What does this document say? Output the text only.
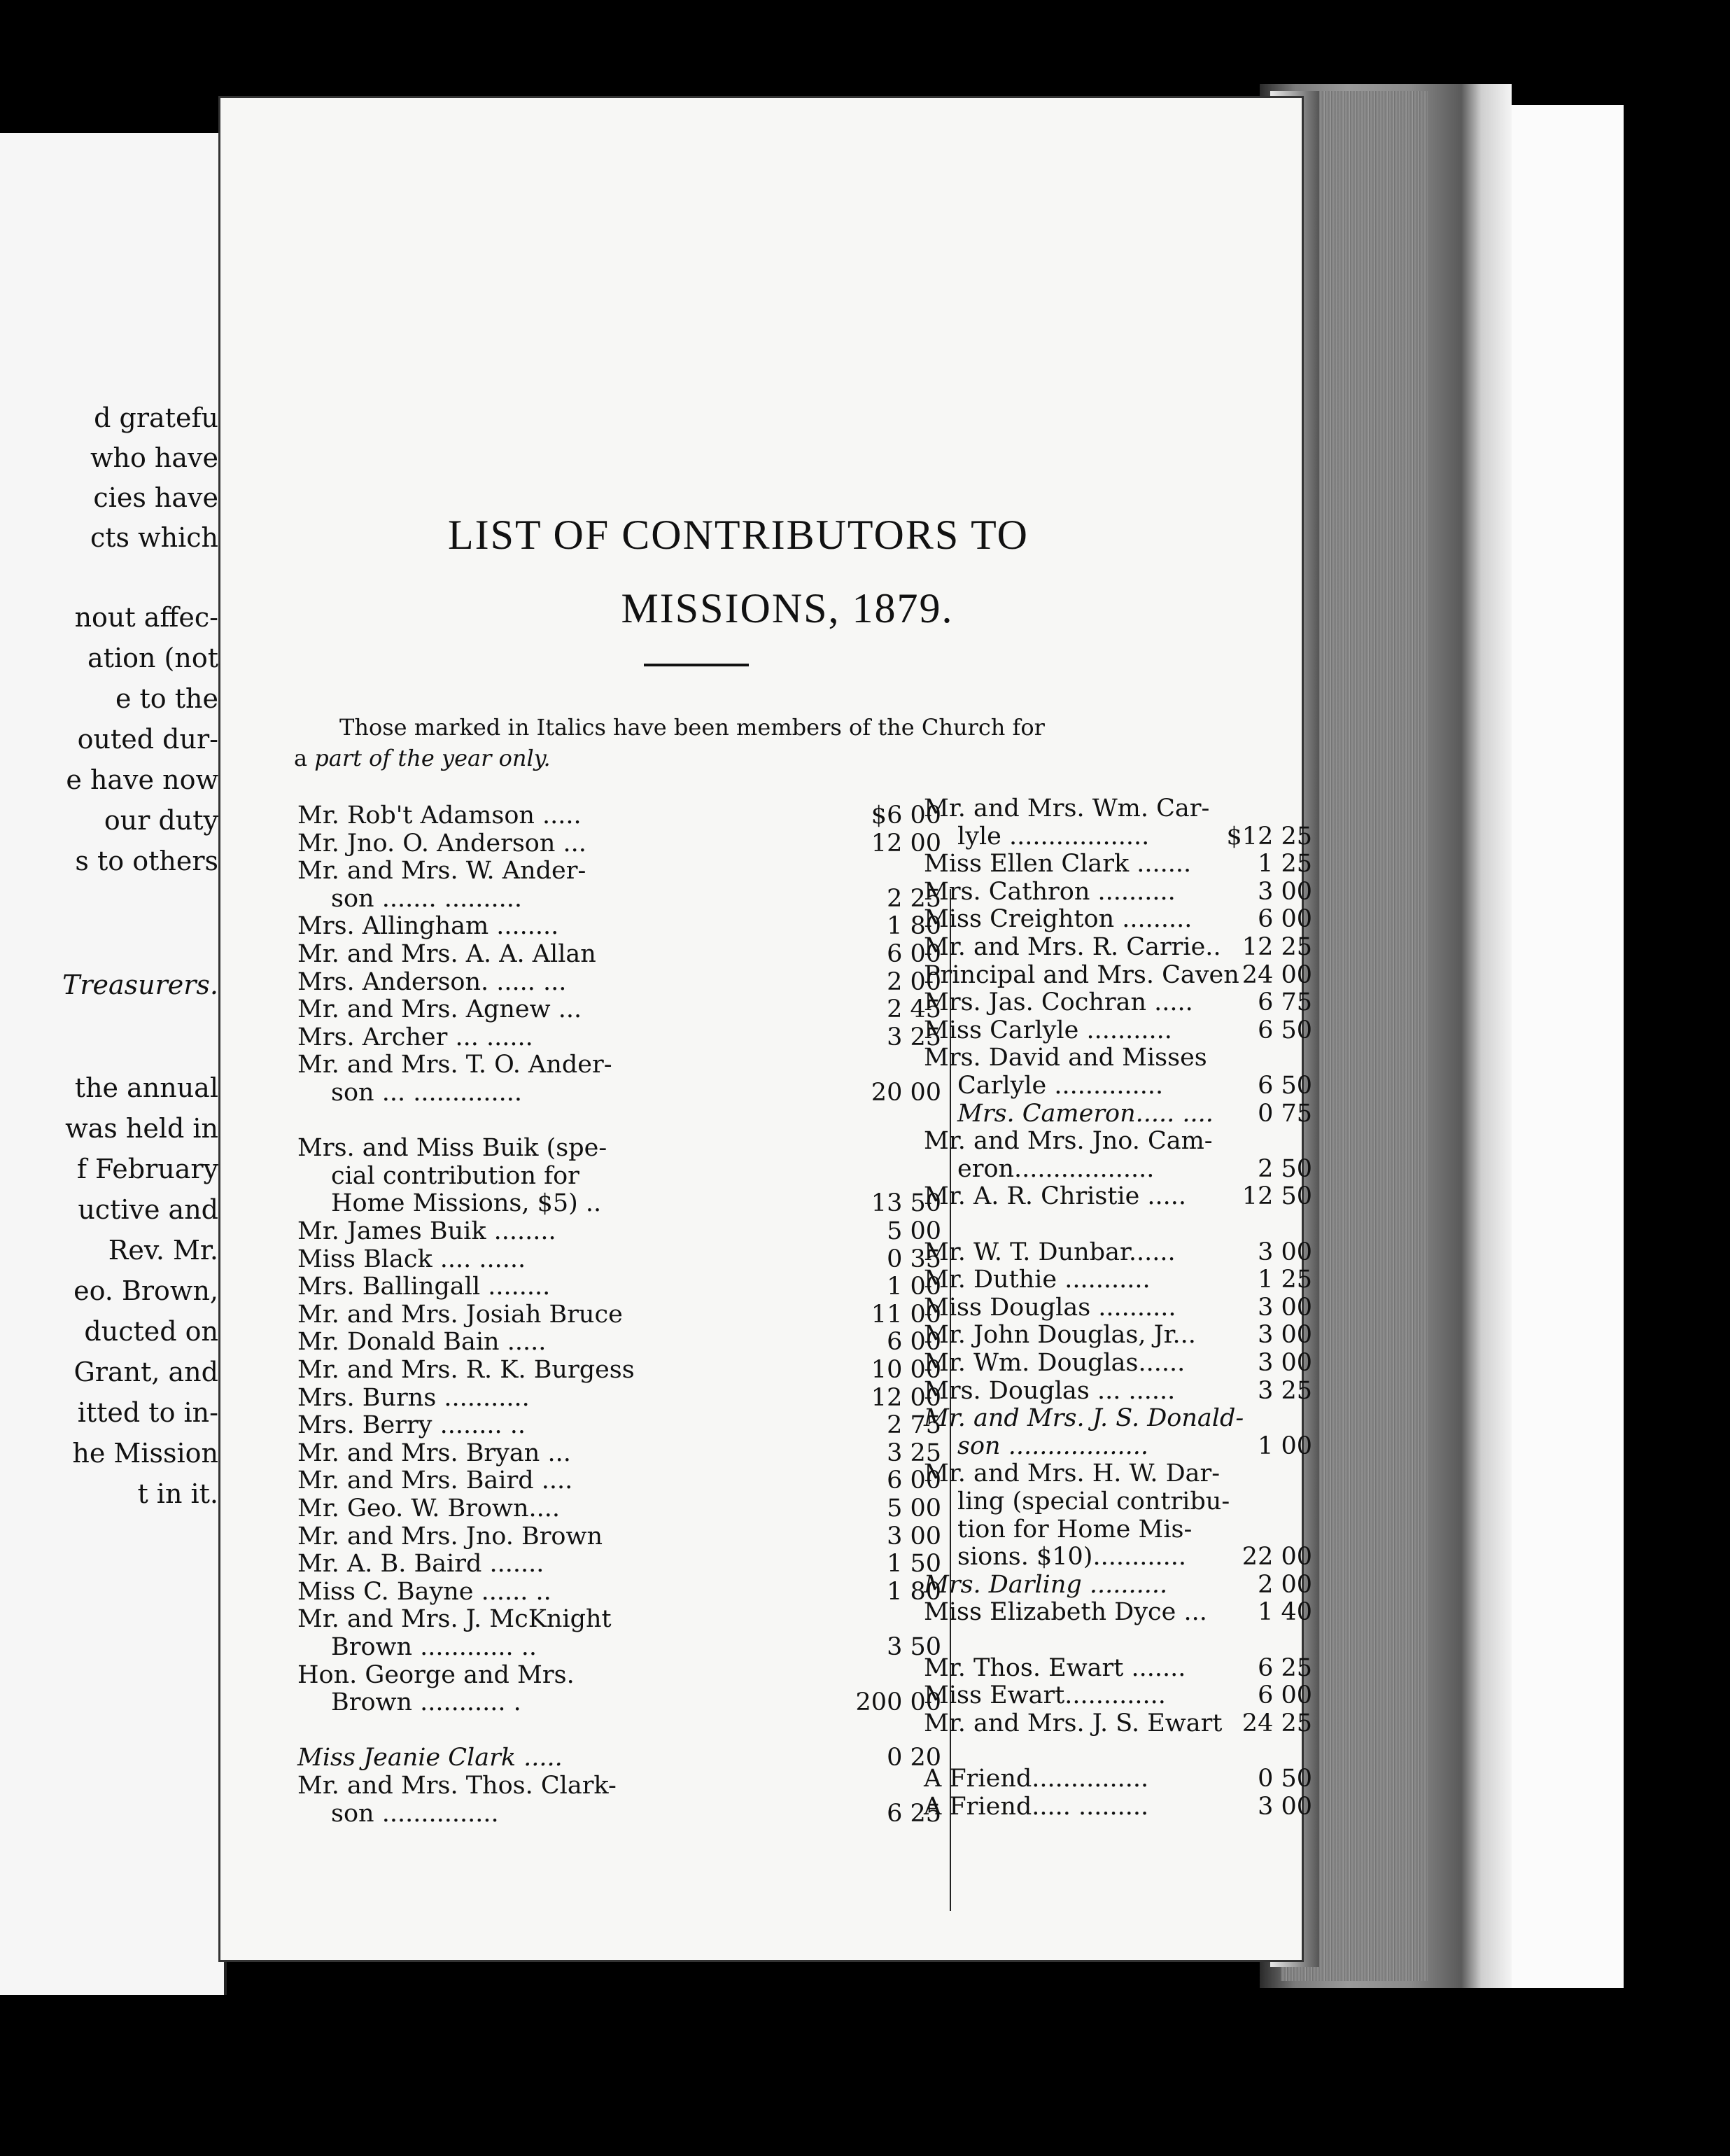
d gratefu
who have
cies have
cts which
nout affec-
ation (not
e to the
outed dur-
e have now
our duty
s to others
Treasurers.
the annual
was held in
f February
uctive and
Rev. Mr.
eo. Brown,
ducted on
Grant, and
itted to in-
he Mission
t in it.
LIST OF CONTRIBUTORS TO
MISSIONS, 1879.
Those marked in Italics have been members of the Church for
a part of the year only.
Mr. Rob't Adamson .....	$6 00
Mr. Jno. O. Anderson ...	12 00
Mr. and Mrs. W. Ander-
son ....... ..........	2 25
Mrs. Allingham ........	1 80
Mr. and Mrs. A. A. Allan	6 00
Mrs. Anderson. ..... ...	2 00
Mr. and Mrs. Agnew ...	2 45
Mrs. Archer ... ......	3 25
Mr. and Mrs. T. O. Ander-
son ... ..............	20 00
Mrs. and Miss Buik (spe-
cial contribution for
Home Missions, $5) ..	13 50
Mr. James Buik ........	5 00
Miss Black .... ......	0 35
Mrs. Ballingall ........	1 00
Mr. and Mrs. Josiah Bruce	11 00
Mr. Donald Bain .....	6 00
Mr. and Mrs. R. K. Burgess	10 00
Mrs. Burns ...........	12 00
Mrs. Berry ........ ..	2 75
Mr. and Mrs. Bryan ...	3 25
Mr. and Mrs. Baird ....	6 00
Mr. Geo. W. Brown....	5 00
Mr. and Mrs. Jno. Brown	3 00
Mr. A. B. Baird .......	1 50
Miss C. Bayne ...... ..	1 80
Mr. and Mrs. J. McKnight
Brown ............ ..	3 50
Hon. George and Mrs.
Brown ........... .	200 00
Miss Jeanie Clark .....	0 20
Mr. and Mrs. Thos. Clark-
son ...............	6 25
Mr. and Mrs. Wm. Car-
lyle ..................	$12 25
Miss Ellen Clark .......	1 25
Mrs. Cathron ..........	3 00
Miss Creighton .........	6 00
Mr. and Mrs. R. Carrie.. 12 25
Principal and Mrs. Caven 24 00
Mrs. Jas. Cochran .....	6 75
Miss Carlyle ...........	6 50
Mrs. David and Misses
Carlyle ..............	6 50
Mrs. Cameron..... ....	0 75
Mr. and Mrs. Jno. Cam-
eron..................	2 50
Mr. A. R. Christie .....	12 50
Mr. W. T. Dunbar......	3 00
Mr. Duthie ...........	1 25
Miss Douglas ..........	3 00
Mr. John Douglas, Jr...	3 00
Mr. Wm. Douglas......	3 00
Mrs. Douglas ... ......	3 25
Mr. and Mrs. J. S. Donald-
son ..................	1 00
Mr. and Mrs. H. W. Dar-
ling (special contribu-
tion for Home Mis-
sions. $10)............	22 00
Mrs. Darling ..........	2 00
Miss Elizabeth Dyce ...	1 40
Mr. Thos. Ewart .......	6 25
Miss Ewart.............	6 00
Mr. and Mrs. J. S. Ewart 24 25
A Friend...............	0 50
A Friend..... .........	3 00
